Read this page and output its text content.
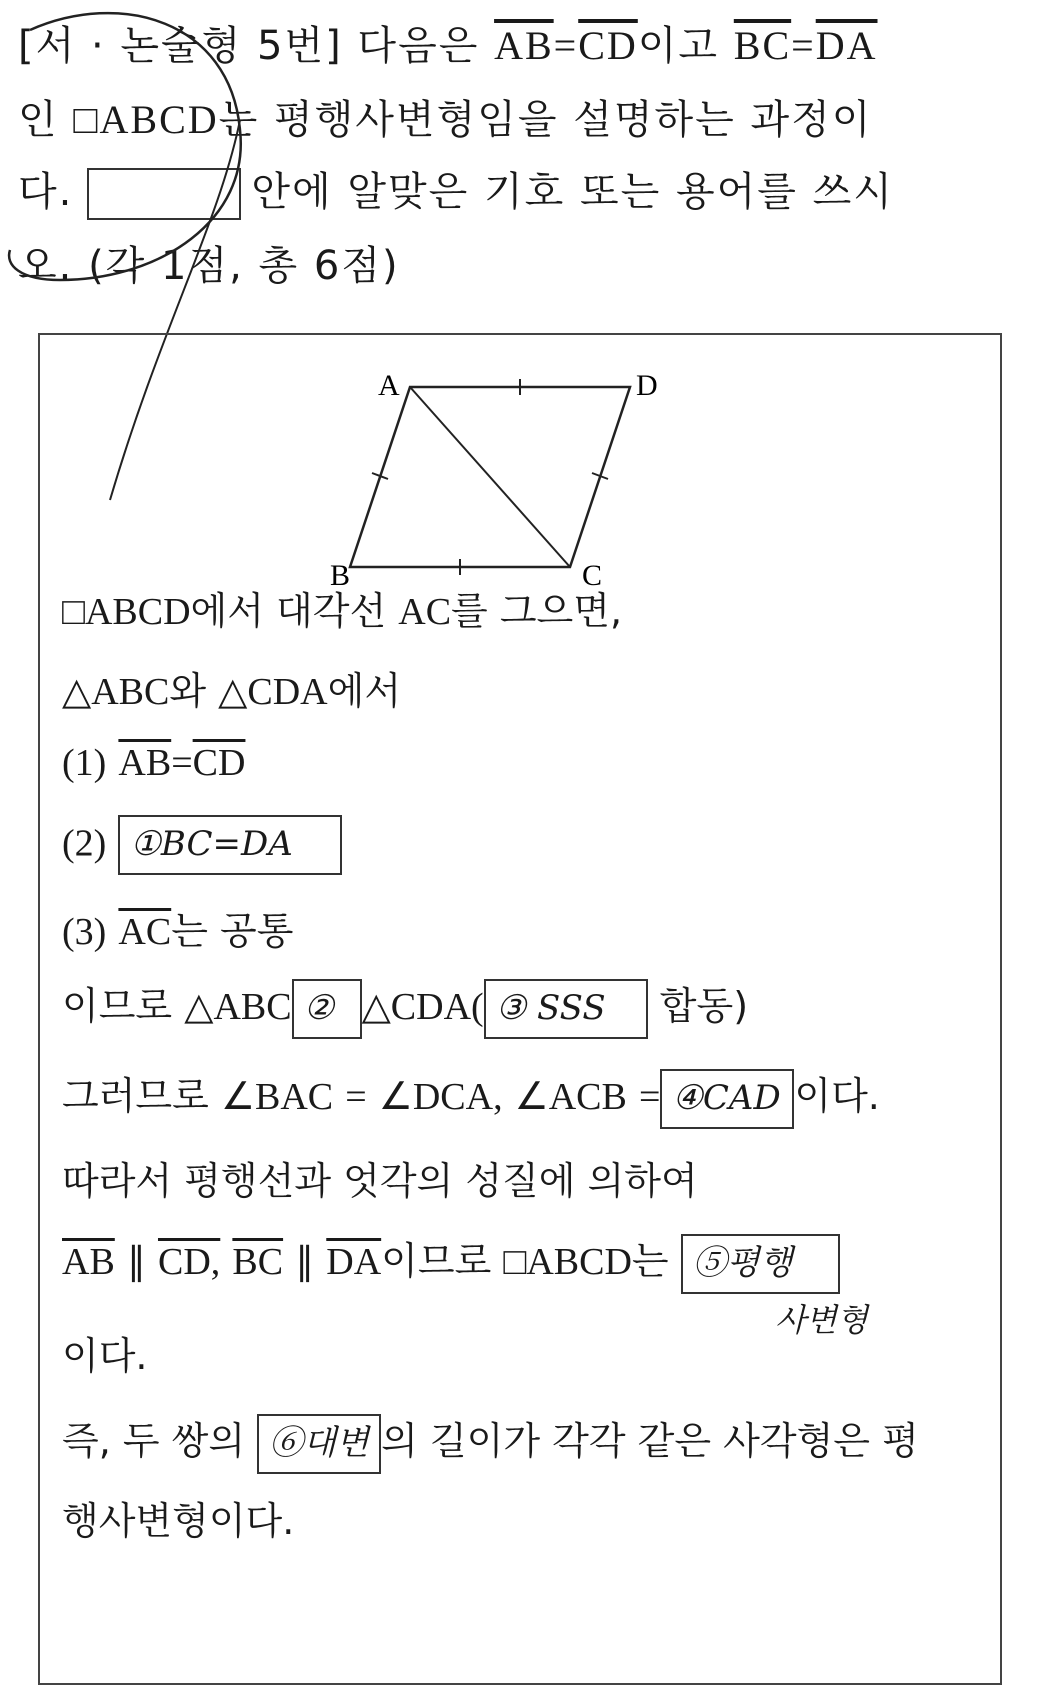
[서 · 논술형 5번] 다음은 $\overline{AB}=\overline{CD}$이고 $\overline{BC}=\overline{DA}$
인 □ABCD는 평행사변형임을 설명하는 과정이
다.	안에 알맞은 기호 또는 용어를 쓰시
오. (각 1점, 총 6점)
A	D
B	C
□ABCD에서 대각선 AC를 그으면,
△ABC와 △CDA에서
(1) $\overline{AB}=\overline{CD}$
(2) ①BC=DA
(3) $\overline{AC}$는 공통
이므로 △ABC ② △CDA( ③ SSS 합동)
그러므로 ∠BAC = ∠DCA, ∠ACB = ④CAD 이다.
따라서 평행선과 엇각의 성질에 의하여
$\overline{AB}$ ∥ CD, $\overline{BC}$ ∥ $\overline{DA}$이므로 □ABCD는 ⑤평행
사변형
이다.
즉, 두 쌍의 ⑥대변 의 길이가 각각 같은 사각형은 평
행사변형이다.
